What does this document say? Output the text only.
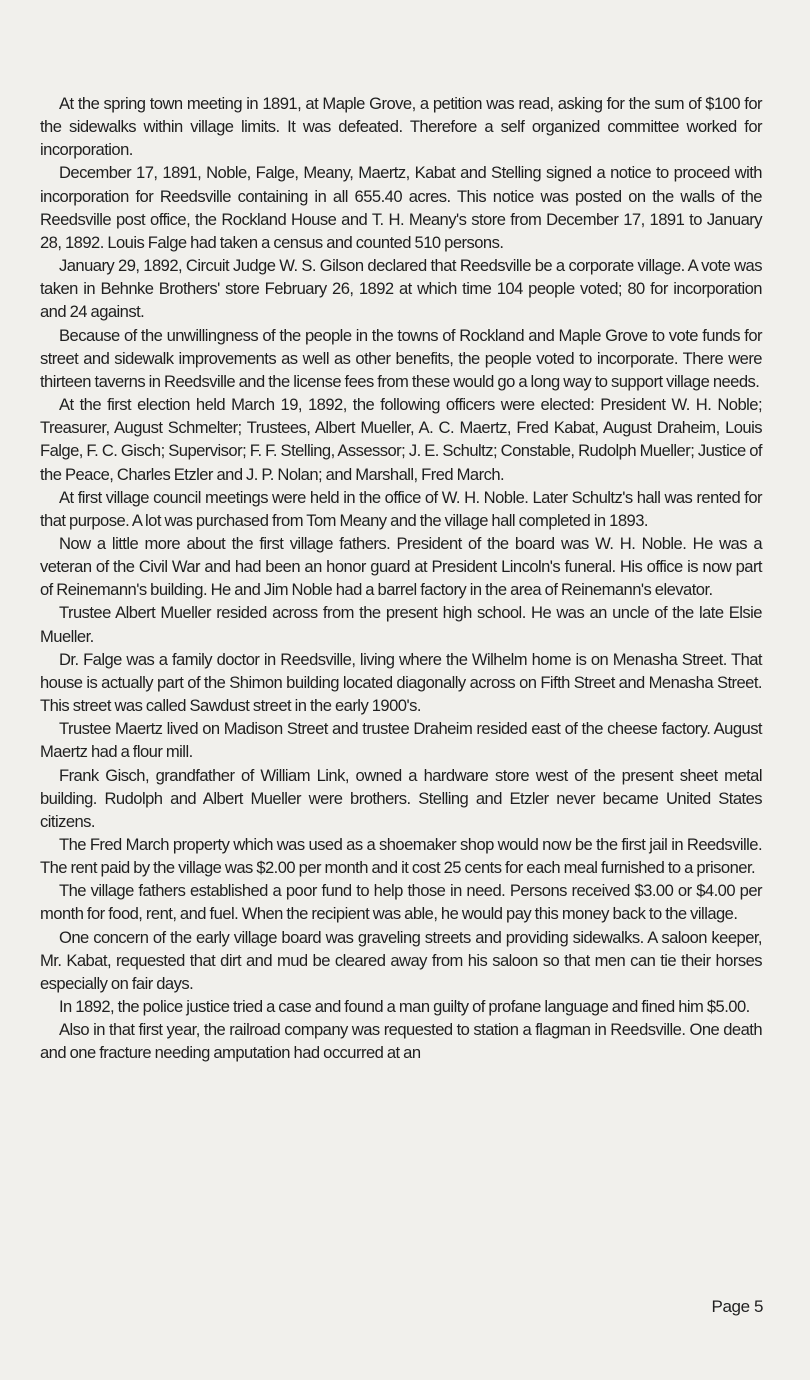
At the spring town meeting in 1891, at Maple Grove, a petition was read, asking for the sum of $100 for the sidewalks within village limits. It was defeated. Therefore a self organized committee worked for incorporation.

December 17, 1891, Noble, Falge, Meany, Maertz, Kabat and Stelling signed a notice to proceed with incorporation for Reedsville containing in all 655.40 acres. This notice was posted on the walls of the Reedsville post office, the Rockland House and T. H. Meany's store from December 17, 1891 to January 28, 1892. Louis Falge had taken a census and counted 510 persons.

January 29, 1892, Circuit Judge W. S. Gilson declared that Reedsville be a corporate village. A vote was taken in Behnke Brothers' store February 26, 1892 at which time 104 people voted; 80 for incorporation and 24 against.

Because of the unwillingness of the people in the towns of Rockland and Maple Grove to vote funds for street and sidewalk improvements as well as other benefits, the people voted to incorporate. There were thirteen taverns in Reedsville and the license fees from these would go a long way to support village needs.

At the first election held March 19, 1892, the following officers were elected: President W. H. Noble; Treasurer, August Schmelter; Trustees, Albert Mueller, A. C. Maertz, Fred Kabat, August Draheim, Louis Falge, F. C. Gisch; Supervisor; F. F. Stelling, Assessor; J. E. Schultz; Constable, Rudolph Mueller; Justice of the Peace, Charles Etzler and J. P. Nolan; and Marshall, Fred March.

At first village council meetings were held in the office of W. H. Noble. Later Schultz's hall was rented for that purpose. A lot was purchased from Tom Meany and the village hall completed in 1893.

Now a little more about the first village fathers. President of the board was W. H. Noble. He was a veteran of the Civil War and had been an honor guard at President Lincoln's funeral. His office is now part of Reinemann's building. He and Jim Noble had a barrel factory in the area of Reinemann's elevator.

Trustee Albert Mueller resided across from the present high school. He was an uncle of the late Elsie Mueller.

Dr. Falge was a family doctor in Reedsville, living where the Wilhelm home is on Menasha Street. That house is actually part of the Shimon building located diagonally across on Fifth Street and Menasha Street. This street was called Sawdust street in the early 1900's.

Trustee Maertz lived on Madison Street and trustee Draheim resided east of the cheese factory. August Maertz had a flour mill.

Frank Gisch, grandfather of William Link, owned a hardware store west of the present sheet metal building. Rudolph and Albert Mueller were brothers. Stelling and Etzler never became United States citizens.

The Fred March property which was used as a shoemaker shop would now be the first jail in Reedsville. The rent paid by the village was $2.00 per month and it cost 25 cents for each meal furnished to a prisoner.

The village fathers established a poor fund to help those in need. Persons received $3.00 or $4.00 per month for food, rent, and fuel. When the recipient was able, he would pay this money back to the village.

One concern of the early village board was graveling streets and providing sidewalks. A saloon keeper, Mr. Kabat, requested that dirt and mud be cleared away from his saloon so that men can tie their horses especially on fair days.

In 1892, the police justice tried a case and found a man guilty of profane language and fined him $5.00.

Also in that first year, the railroad company was requested to station a flagman in Reedsville. One death and one fracture needing amputation had occurred at an

Page 5
